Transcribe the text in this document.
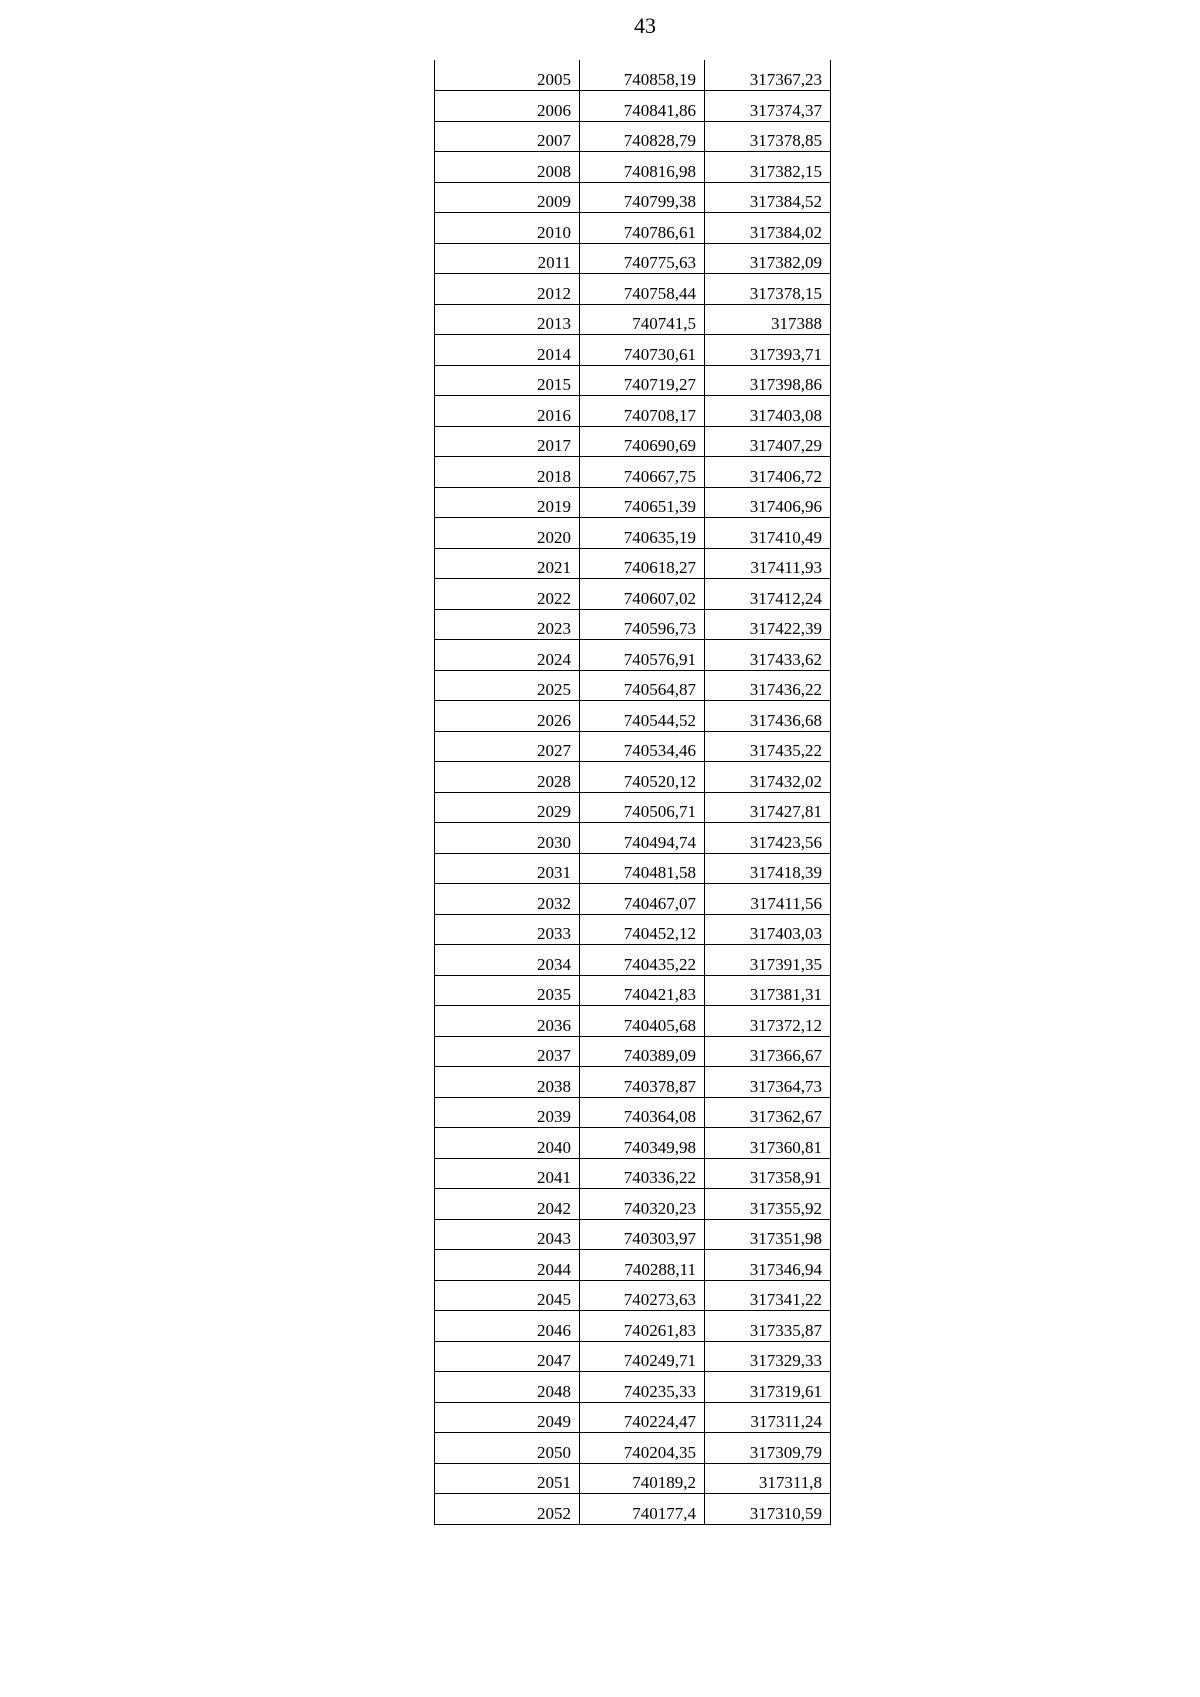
43
2005	740858,19	317367,23
2006	740841,86	317374,37
2007	740828,79	317378,85
2008	740816,98	317382,15
2009	740799,38	317384,52
2010	740786,61	317384,02
2011	740775,63	317382,09
2012	740758,44	317378,15
2013	740741,5	317388
2014	740730,61	317393,71
2015	740719,27	317398,86
2016	740708,17	317403,08
2017	740690,69	317407,29
2018	740667,75	317406,72
2019	740651,39	317406,96
2020	740635,19	317410,49
2021	740618,27	317411,93
2022	740607,02	317412,24
2023	740596,73	317422,39
2024	740576,91	317433,62
2025	740564,87	317436,22
2026	740544,52	317436,68
2027	740534,46	317435,22
2028	740520,12	317432,02
2029	740506,71	317427,81
2030	740494,74	317423,56
2031	740481,58	317418,39
2032	740467,07	317411,56
2033	740452,12	317403,03
2034	740435,22	317391,35
2035	740421,83	317381,31
2036	740405,68	317372,12
2037	740389,09	317366,67
2038	740378,87	317364,73
2039	740364,08	317362,67
2040	740349,98	317360,81
2041	740336,22	317358,91
2042	740320,23	317355,92
2043	740303,97	317351,98
2044	740288,11	317346,94
2045	740273,63	317341,22
2046	740261,83	317335,87
2047	740249,71	317329,33
2048	740235,33	317319,61
2049	740224,47	317311,24
2050	740204,35	317309,79
2051	740189,2	317311,8
2052	740177,4	317310,59
